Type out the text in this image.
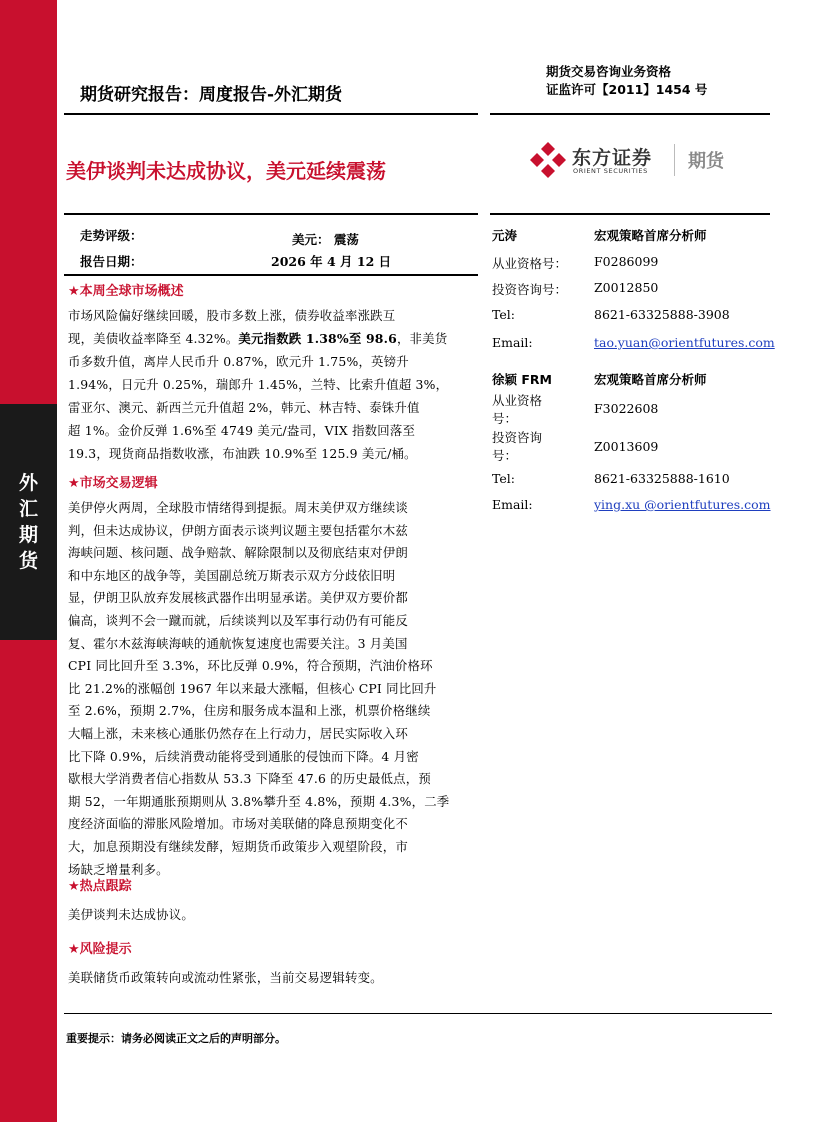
外
汇
期
货
期货研究报告：周度报告-外汇期货
期货交易咨询业务资格
证监许可【2011】1454 号
美伊谈判未达成协议，美元延续震荡
东方证券
ORIENT SECURITIES 期货
走势评级：	美元： 震荡
报告日期：	2026 年 4 月 12 日
★本周全球市场概述
市场风险偏好继续回暖，股市多数上涨，债券收益率涨跌互
现，美债收益率降至 4.32%。美元指数跌 1.38%至 98.6，非美货
币多数升值，离岸人民币升 0.87%，欧元升 1.75%，英镑升
1.94%，日元升 0.25%，瑞郎升 1.45%，兰特、比索升值超 3%，
雷亚尔、澳元、新西兰元升值超 2%，韩元、林吉特、泰铢升值
超 1%。金价反弹 1.6%至 4749 美元/盎司，VIX 指数回落至
19.3，现货商品指数收涨，布油跌 10.9%至 125.9 美元/桶。
★市场交易逻辑
美伊停火两周，全球股市情绪得到提振。周末美伊双方继续谈
判，但未达成协议，伊朗方面表示谈判议题主要包括霍尔木兹
海峡问题、核问题、战争赔款、解除限制以及彻底结束对伊朗
和中东地区的战争等，美国副总统万斯表示双方分歧依旧明
显，伊朗卫队放弃发展核武器作出明显承诺。美伊双方要价都
偏高，谈判不会一蹴而就，后续谈判以及军事行动仍有可能反
复、霍尔木兹海峡海峡的通航恢复速度也需要关注。3 月美国
CPI 同比回升至 3.3%，环比反弹 0.9%，符合预期，汽油价格环
比 21.2%的涨幅创 1967 年以来最大涨幅，但核心 CPI 同比回升
至 2.6%，预期 2.7%，住房和服务成本温和上涨，机票价格继续
大幅上涨，未来核心通胀仍然存在上行动力，居民实际收入环
比下降 0.9%，后续消费动能将受到通胀的侵蚀而下降。4 月密
歇根大学消费者信心指数从 53.3 下降至 47.6 的历史最低点，预
期 52，一年期通胀预期则从 3.8%攀升至 4.8%，预期 4.3%，二季
度经济面临的滞胀风险增加。市场对美联储的降息预期变化不
大，加息预期没有继续发酵，短期货币政策步入观望阶段，市
场缺乏增量利多。
★热点跟踪
美伊谈判未达成协议。
★风险提示
美联储货币政策转向或流动性紧张，当前交易逻辑转变。
元涛	宏观策略首席分析师
从业资格号： F0286099
投资咨询号： Z0012850
Tel:	8621-63325888-3908
Email:	tao.yuan@orientfutures.com
徐颖 FRM	宏观策略首席分析师
从业资格号：
F3022608
投资咨询号：
Z0013609
Tel:	8621-63325888-1610
Email:	ying.xu @orientfutures.com
重要提示：请务必阅读正文之后的声明部分。
